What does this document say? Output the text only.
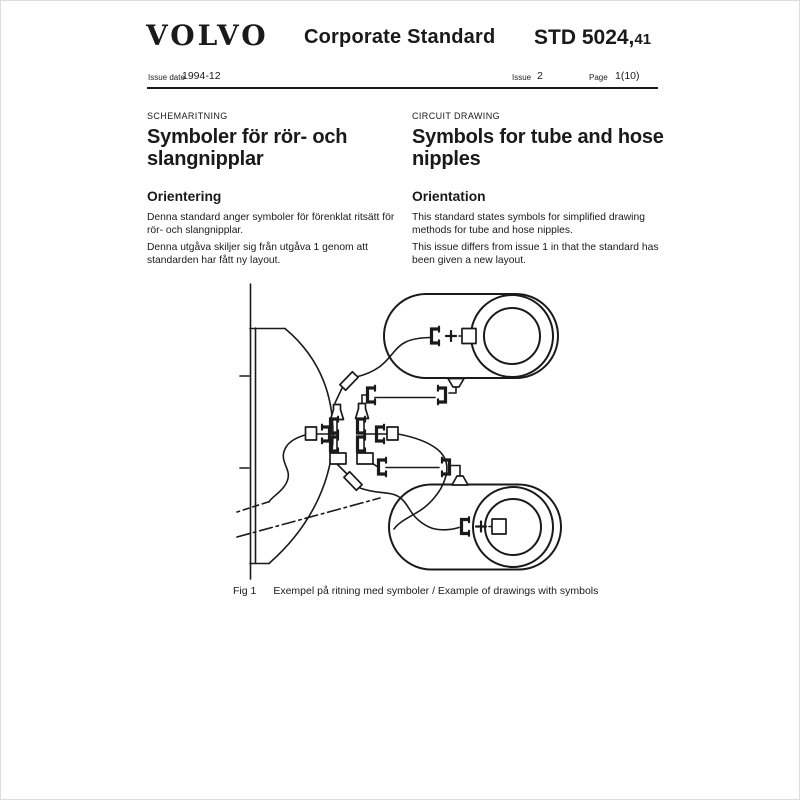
VOLVO Corporate Standard STD 5024,41
Issue date
1994-12	Issue 2	Page 1(10)
SCHEMARITNING
Symboler för rör- och slangnipplar
Orientering
Denna standard anger symboler för förenklat ritsätt för rör- och slangnipplar.
Denna utgåva skiljer sig från utgåva 1 genom att standarden har fått ny layout.
CIRCUIT DRAWING
Symbols for tube and hose nipples
Orientation
This standard states symbols for simplified drawing methods for tube and hose nipples.
This issue differs from issue 1 in that the standard has been given a new layout.
Fig 1 Exempel på ritning med symboler / Example of drawings with symbols
